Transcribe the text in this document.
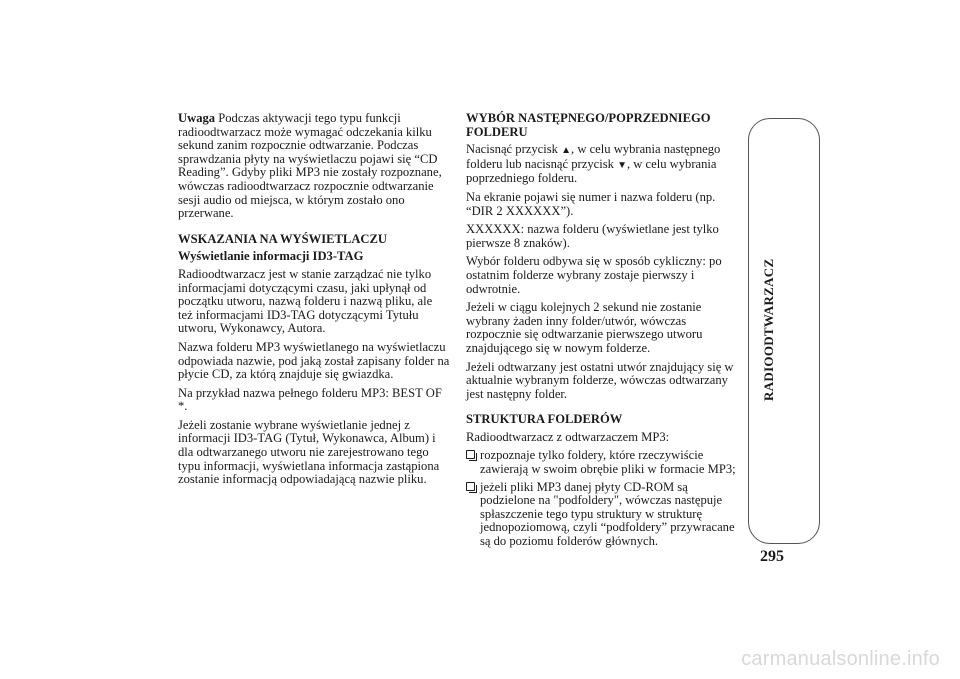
Uwaga Podczas aktywacji tego typu funkcji radioodtwarzacz może wymagać odczekania kilku sekund zanim rozpocznie odtwarzanie. Podczas sprawdzania płyty na wyświetlaczu pojawi się “CD Reading”. Gdyby pliki MP3 nie zostały rozpoznane, wówczas radioodtwarzacz rozpocznie odtwarzanie sesji audio od miejsca, w którym zostało ono przerwane.

WSKAZANIA NA WYŚWIETLACZU
Wyświetlanie informacji ID3-TAG

Radioodtwarzacz jest w stanie zarządzać nie tylko informacjami dotyczącymi czasu, jaki upłynął od początku utworu, nazwą folderu i nazwą pliku, ale też informacjami ID3-TAG dotyczącymi Tytułu utworu, Wykonawcy, Autora.

Nazwa folderu MP3 wyświetlanego na wyświetlaczu odpowiada nazwie, pod jaką został zapisany folder na płycie CD, za którą znajduje się gwiazdka.

Na przykład nazwa pełnego folderu MP3: BEST OF *.

Jeżeli zostanie wybrane wyświetlanie jednej z informacji ID3-TAG (Tytuł, Wykonawca, Album) i dla odtwarzanego utworu nie zarejestrowano tego typu informacji, wyświetlana informacja zastąpiona zostanie informacją odpowiadającą nazwie pliku.

WYBÓR NASTĘPNEGO/POPRZEDNIEGO FOLDERU

Nacisnąć przycisk ▲, w celu wybrania następnego folderu lub nacisnąć przycisk ▼, w celu wybrania poprzedniego folderu.

Na ekranie pojawi się numer i nazwa folderu (np. “DIR 2 XXXXXX”).

XXXXXX: nazwa folderu (wyświetlane jest tylko pierwsze 8 znaków).

Wybór folderu odbywa się w sposób cykliczny: po ostatnim folderze wybrany zostaje pierwszy i odwrotnie.

Jeżeli w ciągu kolejnych 2 sekund nie zostanie wybrany żaden inny folder/utwór, wówczas rozpocznie się odtwarzanie pierwszego utworu znajdującego się w nowym folderze.

Jeżeli odtwarzany jest ostatni utwór znajdujący się w aktualnie wybranym folderze, wówczas odtwarzany jest następny folder.

STRUKTURA FOLDERÓW

Radioodtwarzacz z odtwarzaczem MP3:

rozpoznaje tylko foldery, które rzeczywiście zawierają w swoim obrębie pliki w formacie MP3;
jeżeli pliki MP3 danej płyty CD-ROM są podzielone na "podfoldery", wówczas następuje spłaszczenie tego typu struktury w strukturę jednopoziomową, czyli “podfoldery” przywracane są do poziomu folderów głównych.
RADIOODTWARZACZ
295
carmanualsonline.info
